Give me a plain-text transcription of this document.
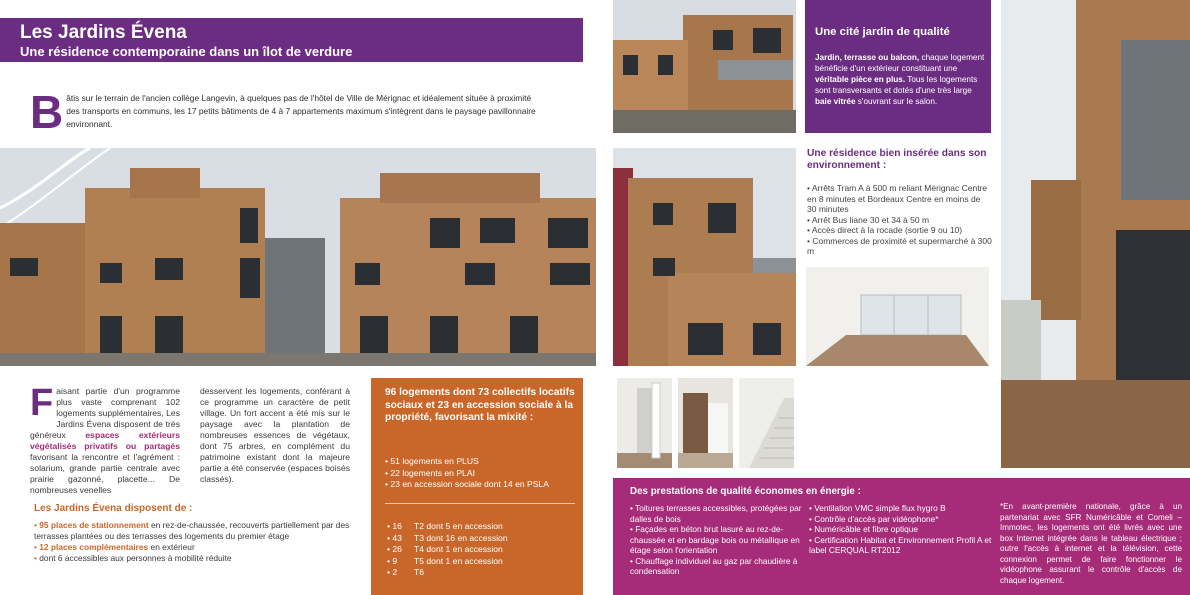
Les Jardins Évena
Une résidence contemporaine dans un îlot de verdure
B âtis sur le terrain de l'ancien collège Langevin, à quelques pas de l'hôtel de Ville de Mérignac et idéalement située à proximité des transports en communs, les 17 petits bâtiments de 4 à 7 appartements maximum s'intègrent dans le paysage pavillonnaire environnant.
F aisant partie d'un programme plus vaste comprenant 102 logements supplémentaires, Les Jardins Évena disposent de très généreux espaces extérieurs végétalisés privatifs ou partagés favorisant la rencontre et l'agrément : solarium, grande partie centrale avec prairie gazonné, placette... De nombreuses venelles
desservent les logements, conférant à ce programme un caractère de petit village. Un fort accent a été mis sur le paysage avec la plantation de nombreuses essences de végétaux, dont 75 arbres, en complément du patrimoine existant dont la majeure partie a été conservée (espaces boisés classés).
Les Jardins Évena disposent de :
• 95 places de stationnement en rez-de-chaussée, recouverts partiellement par des terrasses plantées ou des terrasses des logements du premier étage
• 12 places complémentaires en extérieur
• dont 6 accessibles aux personnes à mobilité réduite
96 logements dont 73 collectifs locatifs sociaux et 23 en accession sociale à la propriété, favorisant la mixité :
• 51 logements en PLUS
• 22 logements en PLAI
• 23 en accession sociale dont 14 en PSLA
• 16	T2 dont 5 en accession
• 43	T3 dont 16 en accession
• 26	T4 dont 1 en accession
• 9	T5 dont 1 en accession
• 2	T6
Une cité jardin de qualité
Jardin, terrasse ou balcon, chaque logement bénéficie d'un extérieur constituant une véritable pièce en plus. Tous les logements sont transversants et dotés d'une très large baie vitrée s'ouvrant sur le salon.
Une résidence bien insérée dans son environnement :
• Arrêts Tram A à 500 m reliant Mérignac Centre en 8 minutes et Bordeaux Centre en moins de 30 minutes
• Arrêt Bus liane 30 et 34 à 50 m
• Accès direct à la rocade (sortie 9 ou 10)
• Commerces de proximité et supermarché à 300 m
Des prestations de qualité économes en énergie :
• Toitures terrasses accessibles, protégées par dalles de bois
• Façades en béton brut lasuré au rez-de-chaussée et en bardage bois ou métallique en étage selon l'orientation
• Chauffage individuel au gaz par chaudière à condensation
• Ventilation VMC simple flux hygro B
• Contrôle d'accès par vidéophone*
• Numéricâble et fibre optique
• Certification Habitat et Environnement Profil A et label CERQUAL RT2012
*En avant-première nationale, grâce à un partenariat avec SFR Numéricâble et Comeli – Immotec, les logements ont été livrés avec une box Internet intégrée dans le tableau électrique ; outre l'accès à internet et la télévision, cette connexion permet de faire fonctionner le vidéophone assurant le contrôle d'accès de chaque logement.
